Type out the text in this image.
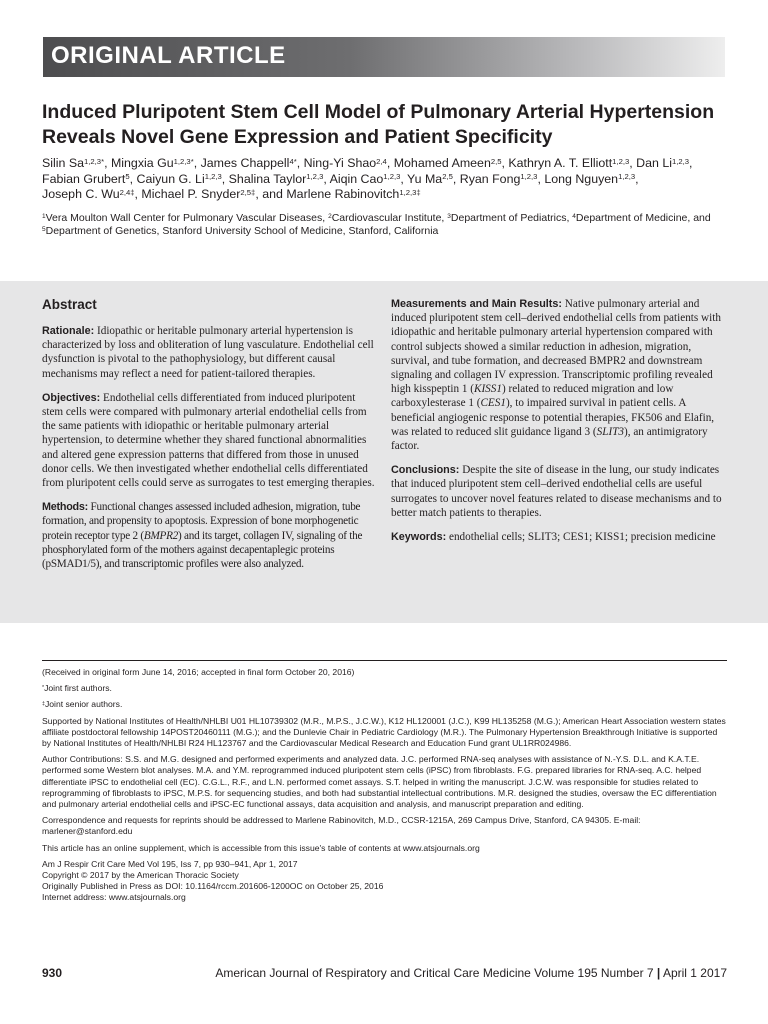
ORIGINAL ARTICLE
Induced Pluripotent Stem Cell Model of Pulmonary Arterial Hypertension Reveals Novel Gene Expression and Patient Specificity
Silin $Sa^{1,2,3*}$, Mingxia $Gu^{1,2,3*}$, James Chappell$^{4*}$, Ning-Yi Shao$^{2,4}$, Mohamed Ameen$^{2,5}$, Kathryn A. T. Elliott$^{1,2,3}$, Dan Li$^{1,2,3}$, Fabian Grubert$^5$, Caiyun G. Li$^{1,2,3}$, Shalina Taylor$^{1,2,3}$, Aiqin Cao$^{1,2,3}$, Yu Ma$^{2,5}$, Ryan Fong$^{1,2,3}$, Long Nguyen$^{1,2,3}$, Joseph C. $Wu^{2,4\ddagger}$, Michael P. Snyder$^{2,5\ddagger}$, and Marlene Rabinovitch$^{1,2,3\ddagger}$
$^1$Vera Moulton Wall Center for Pulmonary Vascular Diseases, $^2$Cardiovascular Institute, $^3$Department of Pediatrics, $^4$Department of Medicine, and $^5$Department of Genetics, Stanford University School of Medicine, Stanford, California
Abstract

Rationale: Idiopathic or heritable pulmonary arterial hypertension is characterized by loss and obliteration of lung vasculature. Endothelial cell dysfunction is pivotal to the pathophysiology, but different causal mechanisms may reflect a need for patient-tailored therapies.

Objectives: Endothelial cells differentiated from induced pluripotent stem cells were compared with pulmonary arterial endothelial cells from the same patients with idiopathic or heritable pulmonary arterial hypertension, to determine whether they shared functional abnormalities and altered gene expression patterns that differed from those in unused donor cells. We then investigated whether endothelial cells differentiated from pluripotent cells could serve as surrogates to test emerging therapies.

Methods: Functional changes assessed included adhesion, migration, tube formation, and propensity to apoptosis. Expression of bone morphogenetic protein receptor type 2 (BMPR2) and its target, collagen IV, signaling of the phosphorylated form of the mothers against decapentaplegic proteins (pSMAD1/5), and transcriptomic profiles were also analyzed.

Measurements and Main Results: Native pulmonary arterial and induced pluripotent stem cell–derived endothelial cells from patients with idiopathic and heritable pulmonary arterial hypertension compared with control subjects showed a similar reduction in adhesion, migration, survival, and tube formation, and decreased BMPR2 and downstream signaling and collagen IV expression. Transcriptomic profiling revealed high kisspeptin 1 (KISS1) related to reduced migration and low carboxylesterase 1 (CES1), to impaired survival in patient cells. A beneficial angiogenic response to potential therapies, FK506 and Elafin, was related to reduced slit guidance ligand 3 (SLIT3), an antimigratory factor.

Conclusions: Despite the site of disease in the lung, our study indicates that induced pluripotent stem cell–derived endothelial cells are useful surrogates to uncover novel features related to disease mechanisms and to better match patients to therapies.

Keywords: endothelial cells; SLIT3; CES1; KISS1; precision medicine

(Received in original form June 14, 2016; accepted in final form October 20, 2016)

*Joint first authors.

‡Joint senior authors.

Supported by National Institutes of Health/NHLBI U01 HL10739302 (M.R., M.P.S., J.C.W.), K12 HL120001 (J.C.), K99 HL135258 (M.G.); American Heart Association western states affiliate postdoctoral fellowship 14POST20460111 (M.G.); and the Dunlevie Chair in Pediatric Cardiology (M.R.). The Pulmonary Hypertension Breakthrough Initiative is supported by National Institutes of Health/NHLBI R24 HL123767 and the Cardiovascular Medical Research and Education Fund grant UL1RR024986.

Author Contributions: S.S. and M.G. designed and performed experiments and analyzed data. J.C. performed RNA-seq analyses with assistance of N.-Y.S. D.L. and K.A.T.E. performed some Western blot analyses. M.A. and Y.M. reprogrammed induced pluripotent stem cells (iPSC) from fibroblasts. F.G. prepared libraries for RNA-seq. A.C. helped differentiate iPSC to endothelial cell (EC). C.G.L., R.F., and L.N. performed comet assays. S.T. helped in writing the manuscript. J.C.W. was responsible for studies related to reprogramming of fibroblasts to iPSC, M.P.S. for sequencing studies, and both had substantial intellectual contributions. M.R. designed the studies, oversaw the EC differentiation and pulmonary arterial endothelial cells and iPSC-EC functional assays, data acquisition and analysis, and manuscript preparation and editing.

Correspondence and requests for reprints should be addressed to Marlene Rabinovitch, M.D., CCSR-1215A, 269 Campus Drive, Stanford, CA 94305. E-mail: marlener@stanford.edu

This article has an online supplement, which is accessible from this issue's table of contents at www.atsjournals.org

Am J Respir Crit Care Med Vol 195, Iss 7, pp 930–941, Apr 1, 2017

Copyright © 2017 by the American Thoracic Society

Originally Published in Press as DOI: 10.1164/rccm.201606-1200OC on October 25, 2016

Internet address: www.atsjournals.org

930	American Journal of Respiratory and Critical Care Medicine Volume 195 Number 7 | April 1 2017
